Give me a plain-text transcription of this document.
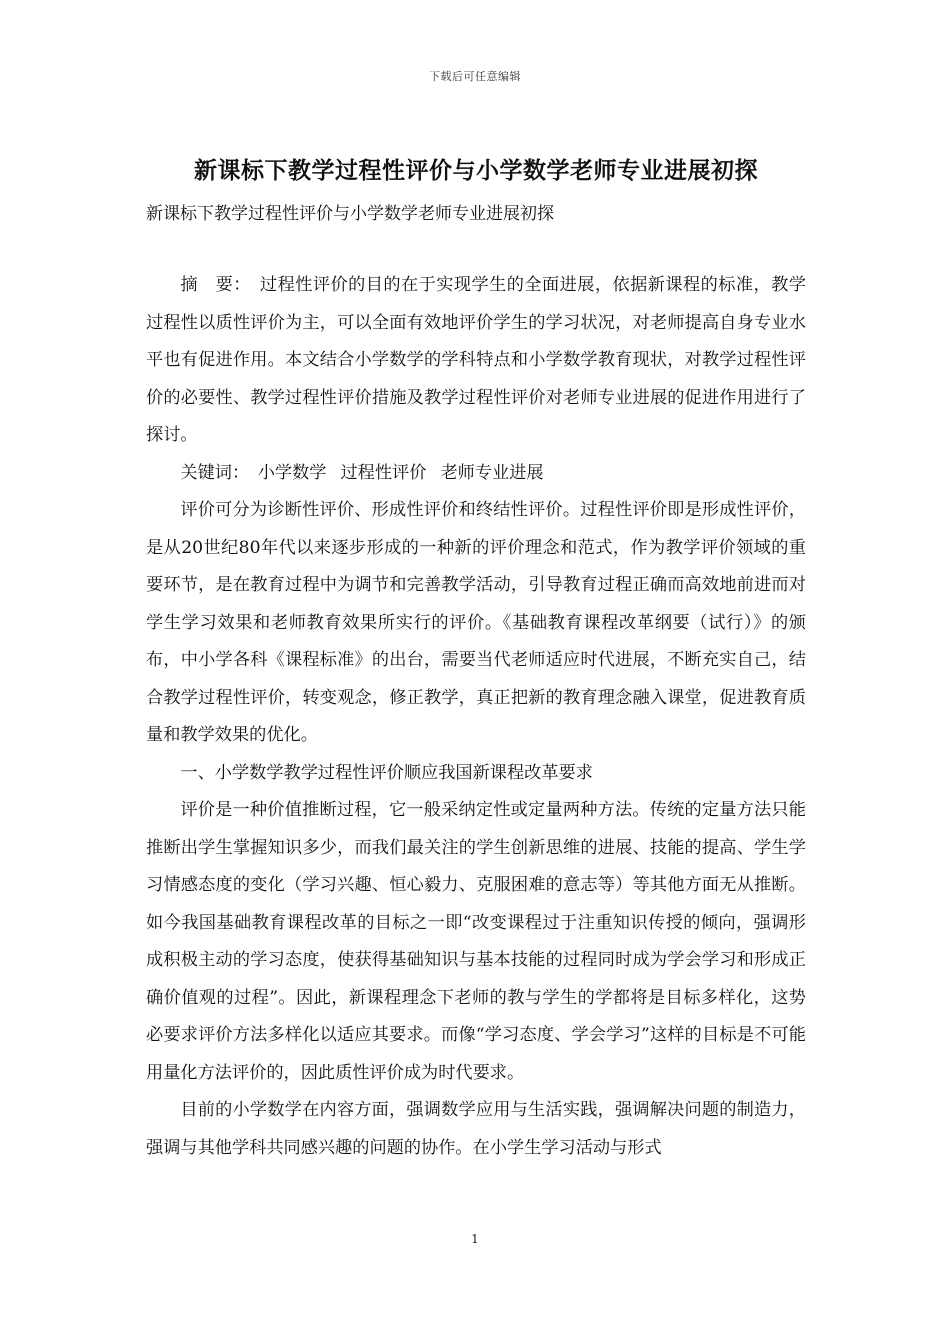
下载后可任意编辑
新课标下教学过程性评价与小学数学老师专业进展初探

新课标下教学过程性评价与小学数学老师专业进展初探

摘　要：　过程性评价的目的在于实现学生的全面进展，依据新课程的标准，教学过程性以质性评价为主，可以全面有效地评价学生的学习状况，对老师提高自身专业水平也有促进作用。本文结合小学数学的学科特点和小学数学教育现状，对教学过程性评价的必要性、教学过程性评价措施及教学过程性评价对老师专业进展的促进作用进行了探讨。

关键词：　小学数学 过程性评价 老师专业进展

评价可分为诊断性评价、形成性评价和终结性评价。过程性评价即是形成性评价，是从20世纪80年代以来逐步形成的一种新的评价理念和范式，作为教学评价领域的重要环节，是在教育过程中为调节和完善教学活动，引导教育过程正确而高效地前进而对学生学习效果和老师教育效果所实行的评价。《基础教育课程改革纲要（试行）》的颁布，中小学各科《课程标准》的出台，需要当代老师适应时代进展，不断充实自己，结合教学过程性评价，转变观念，修正教学，真正把新的教育理念融入课堂，促进教育质量和教学效果的优化。

一、小学数学教学过程性评价顺应我国新课程改革要求

评价是一种价值推断过程，它一般采纳定性或定量两种方法。传统的定量方法只能推断出学生掌握知识多少，而我们最关注的学生创新思维的进展、技能的提高、学生学习情感态度的变化（学习兴趣、恒心毅力、克服困难的意志等）等其他方面无从推断。如今我国基础教育课程改革的目标之一即“改变课程过于注重知识传授的倾向，强调形成积极主动的学习态度，使获得基础知识与基本技能的过程同时成为学会学习和形成正确价值观的过程”。因此，新课程理念下老师的教与学生的学都将是目标多样化，这势必要求评价方法多样化以适应其要求。而像“学习态度、学会学习”这样的目标是不可能用量化方法评价的，因此质性评价成为时代要求。

目前的小学数学在内容方面，强调数学应用与生活实践，强调解决问题的制造力，强调与其他学科共同感兴趣的问题的协作。在小学生学习活动与形式

1
